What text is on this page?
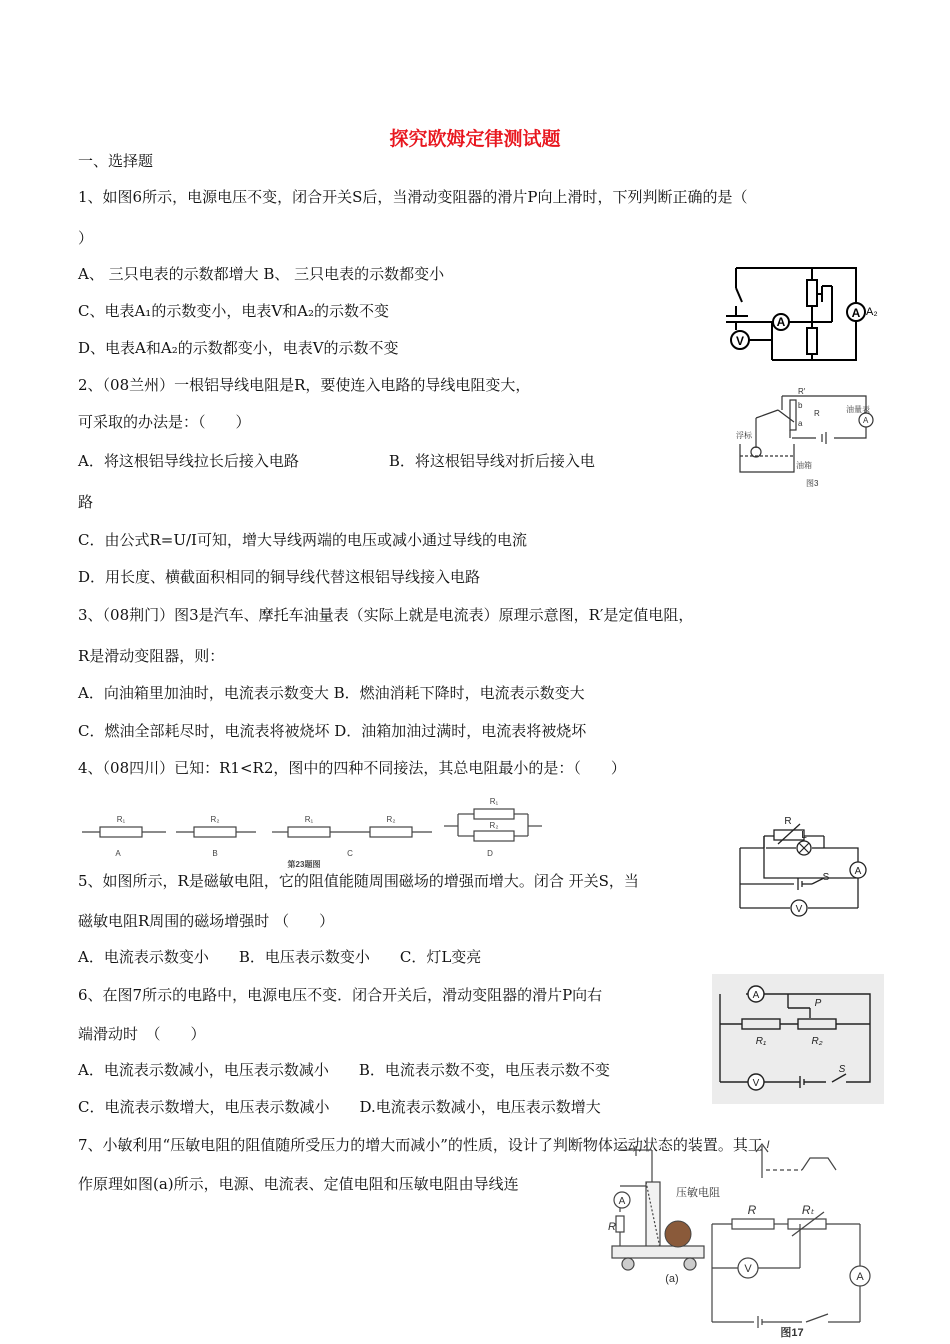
探究欧姆定律测试题
一、选择题
1、如图6所示，电源电压不变，闭合开关S后，当滑动变阻器的滑片P向上滑时，下列判断正确的是（
）
A、 三只电表的示数都增大 B、 三只电表的示数都变小
C、电表A₁的示数变小，电表V和A₂的示数不变
D、电表A和A₂的示数都变小，电表V的示数不变
2、（08兰州）一根铝导线电阻是R，要使连入电路的导线电阻变大，
可采取的办法是：（　　）
A．将这根铝导线拉长后接入电路　　　　　　B．将这根铝导线对折后接入电
路
C．由公式R=U/I可知，增大导线两端的电压或减小通过导线的电流
D．用长度、横截面积相同的铜导线代替这根铝导线接入电路
3、（08荆门）图3是汽车、摩托车油量表（实际上就是电流表）原理示意图，R′是定值电阻，
R是滑动变阻器，则：
A．向油箱里加油时，电流表示数变大 B．燃油消耗下降时，电流表示数变大
C．燃油全部耗尽时，电流表将被烧坏 D．油箱加油过满时，电流表将被烧坏
4、（08四川）已知：R1<R2，图中的四种不同接法，其总电阻最小的是：（　　）
5、如图所示，R是磁敏电阻，它的阻值能随周围磁场的增强而增大。闭合 开关S，当
磁敏电阻R周围的磁场增强时 （　　）
A．电流表示数变小　　B．电压表示数变小　　C．灯L变亮
6、在图7所示的电路中，电源电压不变．闭合开关后，滑动变阻器的滑片P向右
端滑动时　（　　）
A．电流表示数减小，电压表示数减小　　B．电流表示数不变，电压表示数不变
C．电流表示数增大，电压表示数减小　　D.电流表示数减小，电压表示数增大
7、小敏利用“压敏电阻的阻值随所受压力的增大而减小”的性质，设计了判断物体运动状态的装置。其工
作原理如图(a)所示，电源、电流表、定值电阻和压敏电阻由导线连
A
A
V
A₂
R′
R
b
a
油量表
浮标
油箱
A
图3
R₁	R₂	R₁	R₂
R₁
R₂
A	B	C	D
第23题图
R
L
A
S
V
A
P
R₁	R₂
V
S
压敏电阻
A
R
(a)
I
R	Rₜ
V
A
图17
